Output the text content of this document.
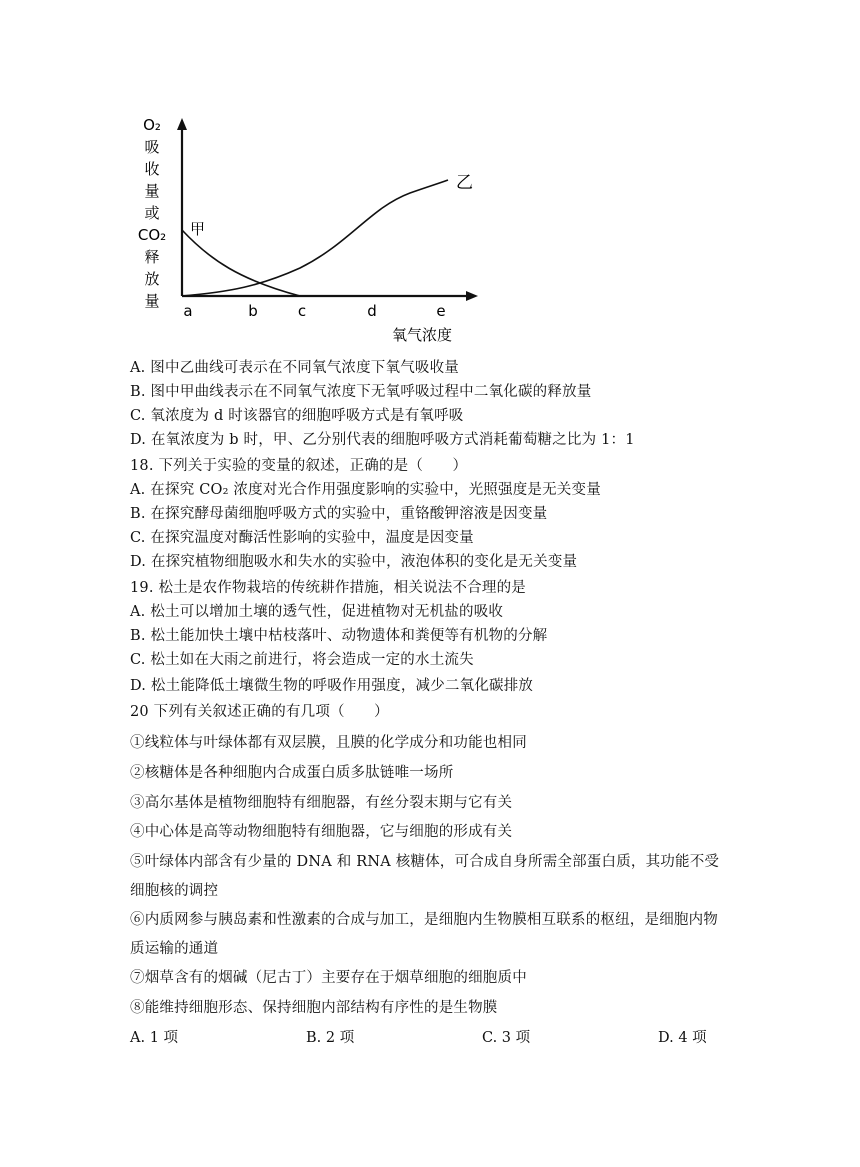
O₂
吸
收
量
或
CO₂
释
放
量
甲
乙
a	b	c	d	e
氧气浓度
A. 图中乙曲线可表示在不同氧气浓度下氧气吸收量
B. 图中甲曲线表示在不同氧气浓度下无氧呼吸过程中二氧化碳的释放量
C. 氧浓度为 d 时该器官的细胞呼吸方式是有氧呼吸
D. 在氧浓度为 b 时，甲、乙分别代表的细胞呼吸方式消耗葡萄糖之比为 1：1
18. 下列关于实验的变量的叙述，正确的是（　　）
A. 在探究 CO₂ 浓度对光合作用强度影响的实验中，光照强度是无关变量
B. 在探究酵母菌细胞呼吸方式的实验中，重铬酸钾溶液是因变量
C. 在探究温度对酶活性影响的实验中，温度是因变量
D. 在探究植物细胞吸水和失水的实验中，液泡体积的变化是无关变量
19. 松土是农作物栽培的传统耕作措施，相关说法不合理的是
A. 松土可以增加土壤的透气性，促进植物对无机盐的吸收
B. 松土能加快土壤中枯枝落叶、动物遗体和粪便等有机物的分解
C. 松土如在大雨之前进行，将会造成一定的水土流失
D. 松土能降低土壤微生物的呼吸作用强度，减少二氧化碳排放
20 下列有关叙述正确的有几项（　　）
①线粒体与叶绿体都有双层膜，且膜的化学成分和功能也相同
②核糖体是各种细胞内合成蛋白质多肽链唯一场所
③高尔基体是植物细胞特有细胞器，有丝分裂末期与它有关
④中心体是高等动物细胞特有细胞器，它与细胞的形成有关
⑤叶绿体内部含有少量的 DNA 和 RNA 核糖体，可合成自身所需全部蛋白质，其功能不受
细胞核的调控
⑥内质网参与胰岛素和性激素的合成与加工，是细胞内生物膜相互联系的枢纽，是细胞内物
质运输的通道
⑦烟草含有的烟碱（尼古丁）主要存在于烟草细胞的细胞质中
⑧能维持细胞形态、保持细胞内部结构有序性的是生物膜
A. 1 项	B. 2 项	C. 3 项	D. 4 项
